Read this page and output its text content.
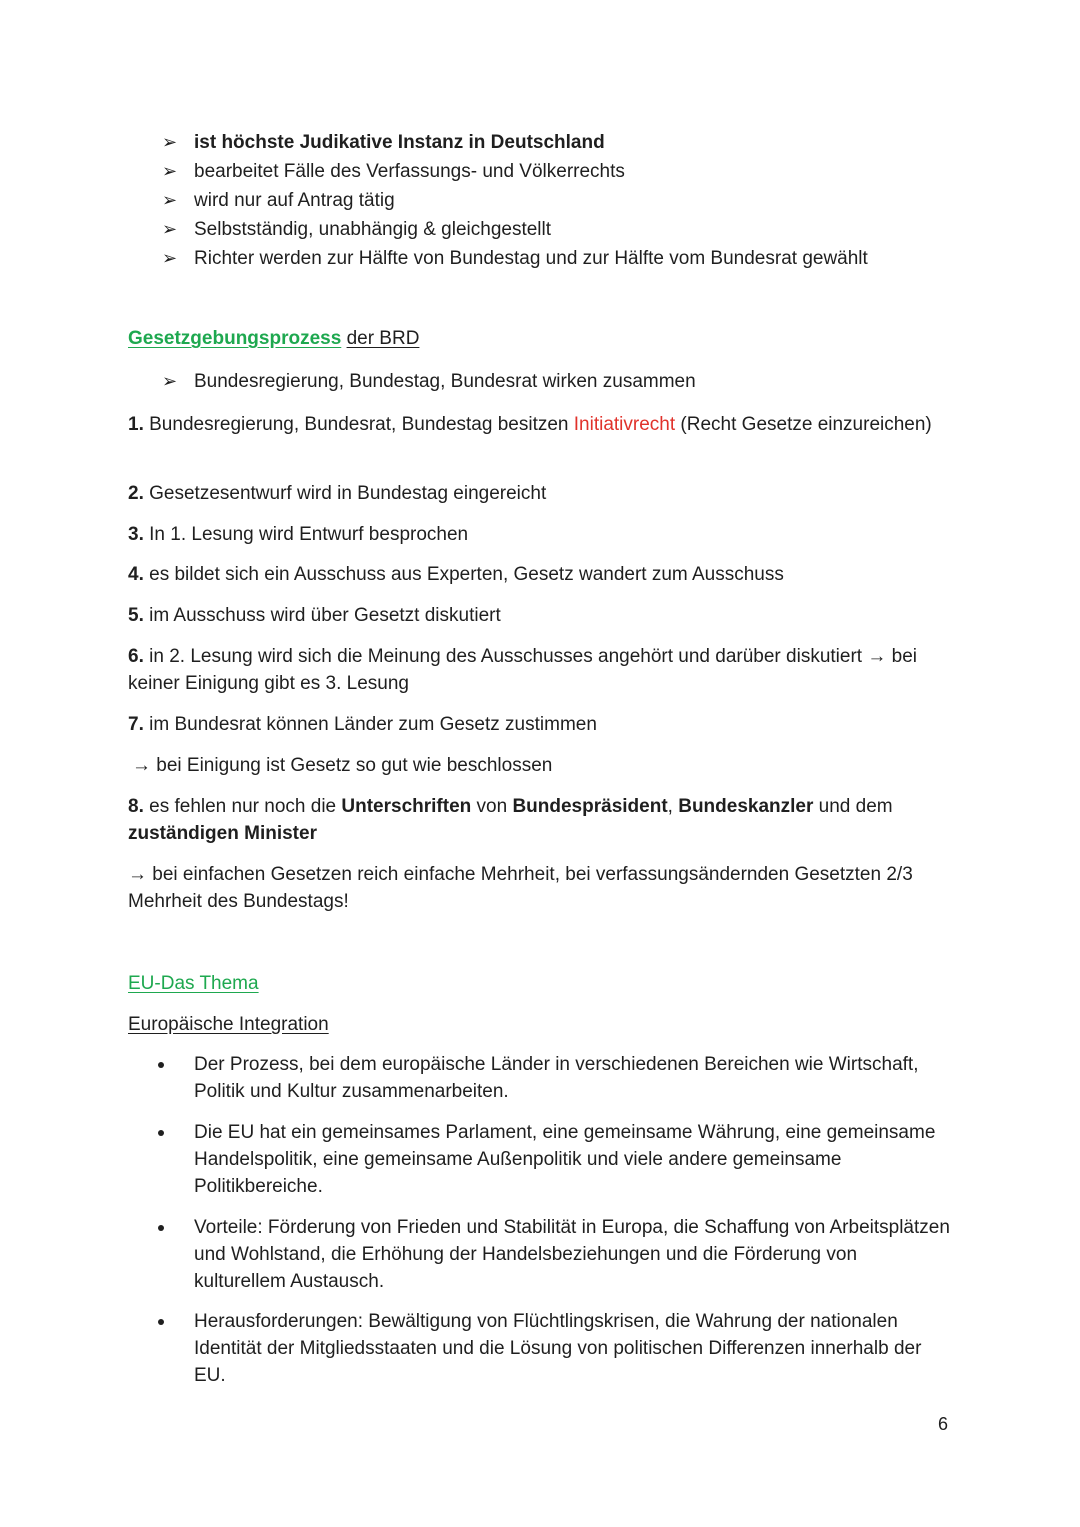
➢ ist höchste Judikative Instanz in Deutschland
➢ bearbeitet Fälle des Verfassungs- und Völkerrechts
➢ wird nur auf Antrag tätig
➢ Selbstständig, unabhängig & gleichgestellt
➢ Richter werden zur Hälfte von Bundestag und zur Hälfte vom Bundesrat gewählt
Gesetzgebungsprozess der BRD
➢ Bundesregierung, Bundestag, Bundesrat wirken zusammen
1. Bundesregierung, Bundesrat, Bundestag besitzen Initiativrecht (Recht Gesetze einzureichen)
2. Gesetzesentwurf wird in Bundestag eingereicht
3. In 1. Lesung wird Entwurf besprochen
4. es bildet sich ein Ausschuss aus Experten, Gesetz wandert zum Ausschuss
5. im Ausschuss wird über Gesetzt diskutiert
6. in 2. Lesung wird sich die Meinung des Ausschusses angehört und darüber diskutiert → bei keiner Einigung gibt es 3. Lesung
7. im Bundesrat können Länder zum Gesetz zustimmen
→ bei Einigung ist Gesetz so gut wie beschlossen
8. es fehlen nur noch die Unterschriften von Bundespräsident, Bundeskanzler und dem zuständigen Minister
→ bei einfachen Gesetzen reich einfache Mehrheit, bei verfassungsändernden Gesetzten 2/3 Mehrheit des Bundestags!
EU-Das Thema
Europäische Integration
Der Prozess, bei dem europäische Länder in verschiedenen Bereichen wie Wirtschaft, Politik und Kultur zusammenarbeiten.
Die EU hat ein gemeinsames Parlament, eine gemeinsame Währung, eine gemeinsame Handelspolitik, eine gemeinsame Außenpolitik und viele andere gemeinsame Politikbereiche.
Vorteile: Förderung von Frieden und Stabilität in Europa, die Schaffung von Arbeitsplätzen und Wohlstand, die Erhöhung der Handelsbeziehungen und die Förderung von kulturellem Austausch.
Herausforderungen: Bewältigung von Flüchtlingskrisen, die Wahrung der nationalen Identität der Mitgliedsstaaten und die Lösung von politischen Differenzen innerhalb der EU.
6
